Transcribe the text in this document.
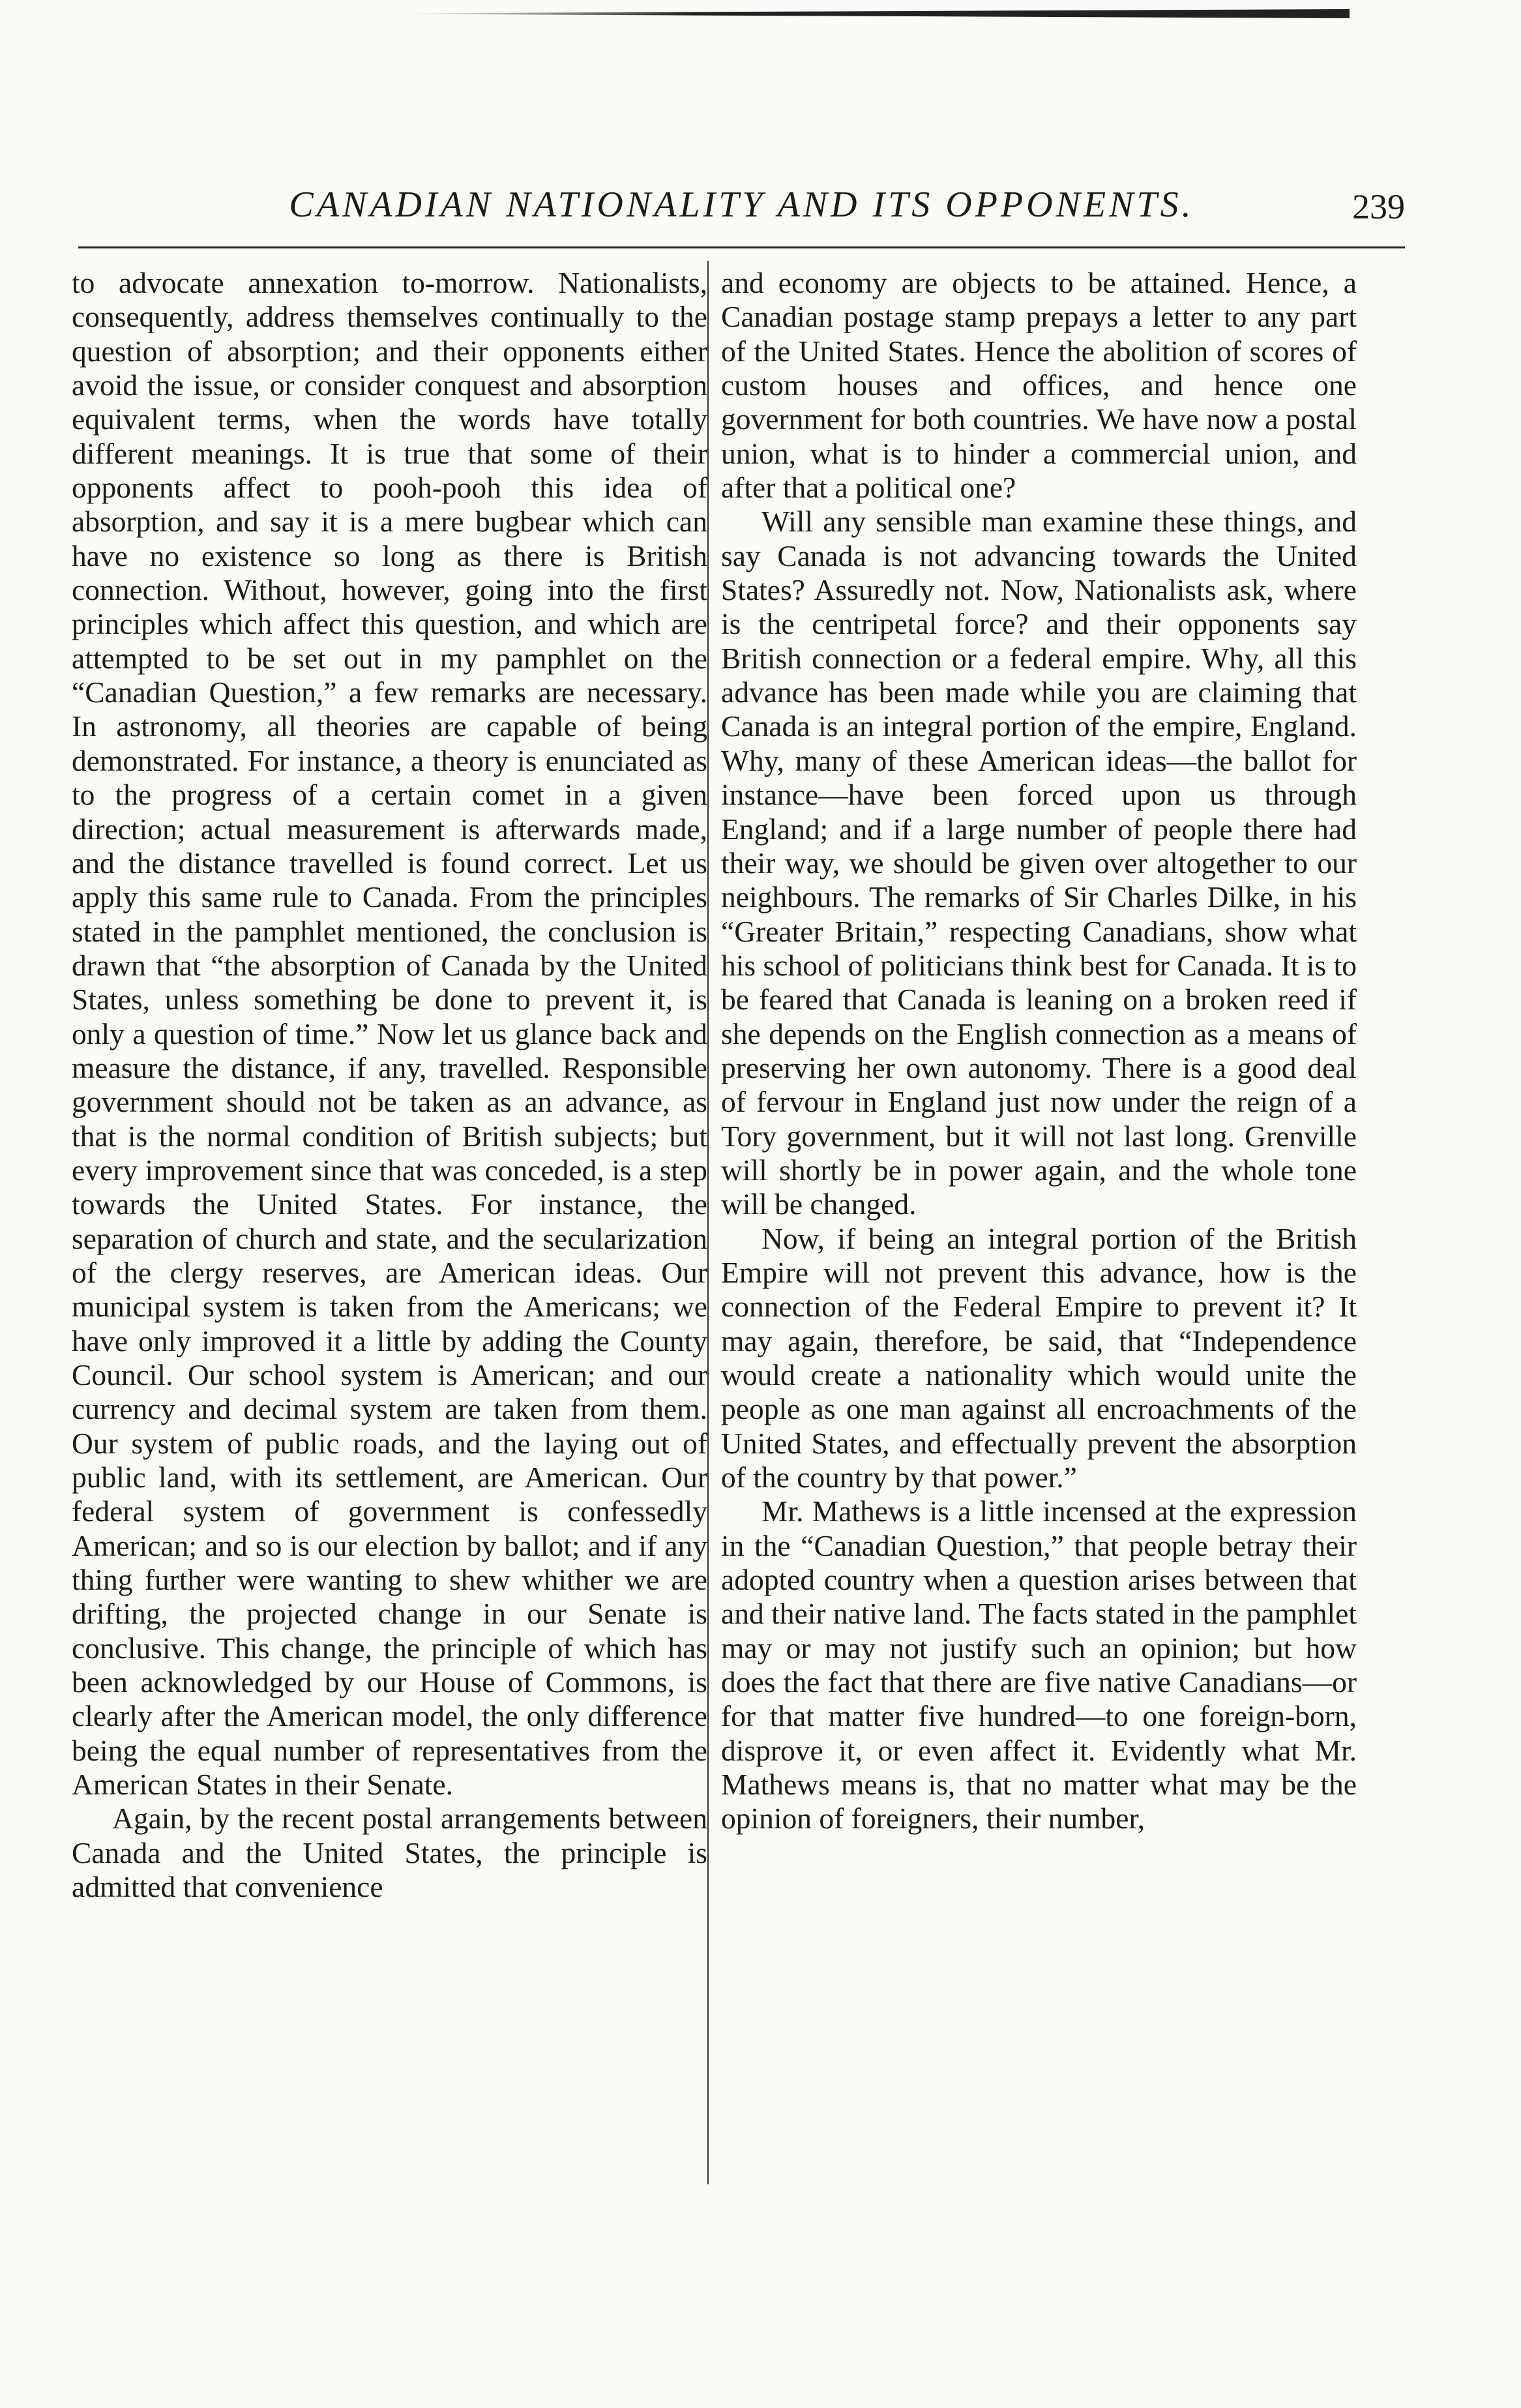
CANADIAN NATIONALITY AND ITS OPPONENTS.	239

to advocate annexation to-morrow. Nationalists, consequently, address themselves continually to the question of absorption; and their opponents either avoid the issue, or consider conquest and absorption equivalent terms, when the words have totally different meanings. It is true that some of their opponents affect to pooh-pooh this idea of absorption, and say it is a mere bugbear which can have no existence so long as there is British connection. Without, however, going into the first principles which affect this question, and which are attempted to be set out in my pamphlet on the “Canadian Question,” a few remarks are necessary. In astronomy, all theories are capable of being demonstrated. For instance, a theory is enunciated as to the progress of a certain comet in a given direction; actual measurement is afterwards made, and the distance travelled is found correct. Let us apply this same rule to Canada. From the principles stated in the pamphlet mentioned, the conclusion is drawn that “the absorption of Canada by the United States, unless something be done to prevent it, is only a question of time.” Now let us glance back and measure the distance, if any, travelled. Responsible government should not be taken as an advance, as that is the normal condition of British subjects; but every improvement since that was conceded, is a step towards the United States. For instance, the separation of church and state, and the secularization of the clergy reserves, are American ideas. Our municipal system is taken from the Americans; we have only improved it a little by adding the County Council. Our school system is American; and our currency and decimal system are taken from them. Our system of public roads, and the laying out of public land, with its settlement, are American. Our federal system of government is confessedly American; and so is our election by ballot; and if any thing further were wanting to shew whither we are drifting, the projected change in our Senate is conclusive. This change, the principle of which has been acknowledged by our House of Commons, is clearly after the American model, the only difference being the equal number of representatives from the American States in their Senate.

Again, by the recent postal arrangements between Canada and the United States, the principle is admitted that convenience

and economy are objects to be attained. Hence, a Canadian postage stamp prepays a letter to any part of the United States. Hence the abolition of scores of custom houses and offices, and hence one government for both countries. We have now a postal union, what is to hinder a commercial union, and after that a political one?

Will any sensible man examine these things, and say Canada is not advancing towards the United States? Assuredly not. Now, Nationalists ask, where is the centripetal force? and their opponents say British connection or a federal empire. Why, all this advance has been made while you are claiming that Canada is an integral portion of the empire, England. Why, many of these American ideas—the ballot for instance—have been forced upon us through England; and if a large number of people there had their way, we should be given over altogether to our neighbours. The remarks of Sir Charles Dilke, in his “Greater Britain,” respecting Canadians, show what his school of politicians think best for Canada. It is to be feared that Canada is leaning on a broken reed if she depends on the English connection as a means of preserving her own autonomy. There is a good deal of fervour in England just now under the reign of a Tory government, but it will not last long. Grenville will shortly be in power again, and the whole tone will be changed.

Now, if being an integral portion of the British Empire will not prevent this advance, how is the connection of the Federal Empire to prevent it? It may again, therefore, be said, that “Independence would create a nationality which would unite the people as one man against all encroachments of the United States, and effectually prevent the absorption of the country by that power.”

Mr. Mathews is a little incensed at the expression in the “Canadian Question,” that people betray their adopted country when a question arises between that and their native land. The facts stated in the pamphlet may or may not justify such an opinion; but how does the fact that there are five native Canadians—or for that matter five hundred—to one foreign-born, disprove it, or even affect it. Evidently what Mr. Mathews means is, that no matter what may be the opinion of foreigners, their number,
